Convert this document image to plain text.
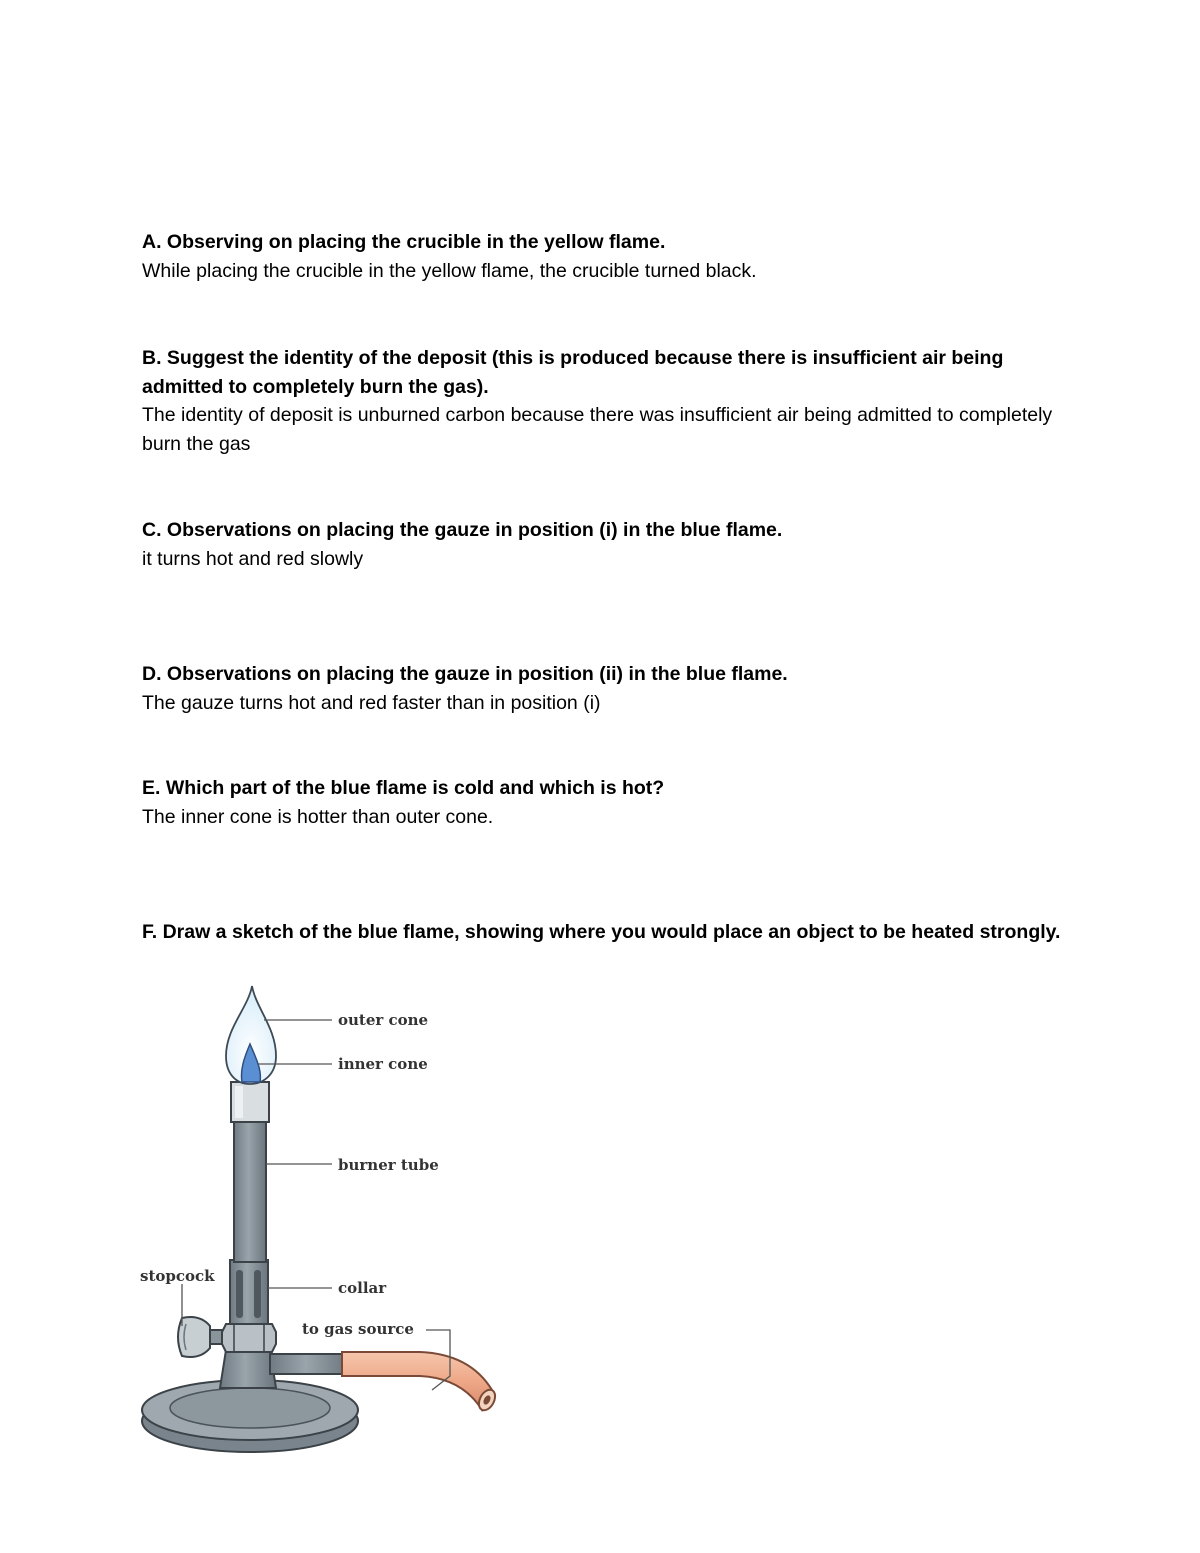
A. Observing on placing the crucible in the yellow flame.

While placing the crucible in the yellow flame, the crucible turned black.

B. Suggest the identity of the deposit (this is produced because there is insufficient air being admitted to completely burn the gas).

The identity of deposit is unburned carbon because there was insufficient air being admitted to completely burn the gas

C. Observations on placing the gauze in position (i) in the blue flame.

it turns hot and red slowly

D. Observations on placing the gauze in position (ii) in the blue flame.

The gauze turns hot and red faster than in position (i)

E. Which part of the blue flame is cold and which is hot?

The inner cone is hotter than outer cone.

F. Draw a sketch of the blue flame, showing where you would place an object to be heated strongly.

outer cone
inner cone
burner tube
stopcock
collar
to gas source
